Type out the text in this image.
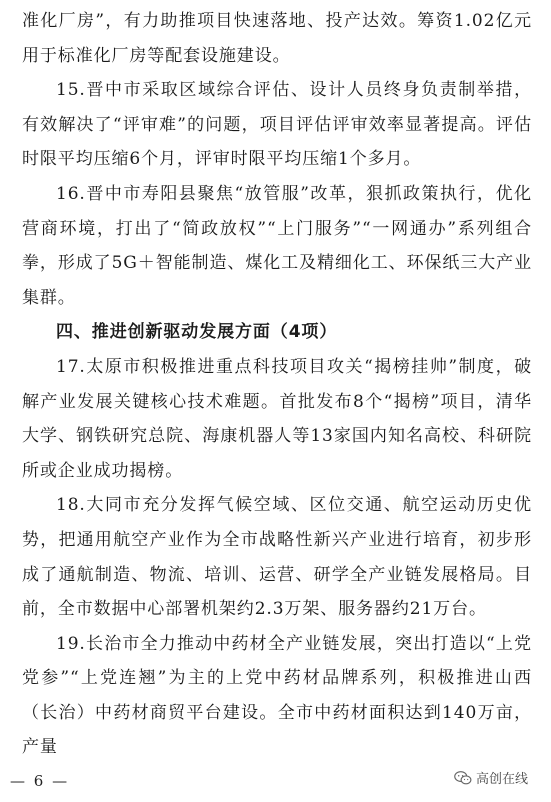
准化厂房”，有力助推项目快速落地、投产达效。筹资1.02亿元用于标准化厂房等配套设施建设。

15.晋中市采取区域综合评估、设计人员终身负责制举措，有效解决了“评审难”的问题，项目评估评审效率显著提高。评估时限平均压缩6个月，评审时限平均压缩1个多月。

16.晋中市寿阳县聚焦“放管服”改革，狠抓政策执行，优化营商环境，打出了“简政放权”“上门服务”“一网通办”系列组合拳，形成了5G＋智能制造、煤化工及精细化工、环保纸三大产业集群。

四、推进创新驱动发展方面（4项）

17.太原市积极推进重点科技项目攻关“揭榜挂帅”制度，破解产业发展关键核心技术难题。首批发布8个“揭榜”项目，清华大学、钢铁研究总院、海康机器人等13家国内知名高校、科研院所或企业成功揭榜。

18.大同市充分发挥气候空域、区位交通、航空运动历史优势，把通用航空产业作为全市战略性新兴产业进行培育，初步形成了通航制造、物流、培训、运营、研学全产业链发展格局。目前，全市数据中心部署机架约2.3万架、服务器约21万台。

19.长治市全力推动中药材全产业链发展，突出打造以“上党党参”“上党连翘”为主的上党中药材品牌系列，积极推进山西（长治）中药材商贸平台建设。全市中药材面积达到140万亩，产量

— 6 —	高创在线
